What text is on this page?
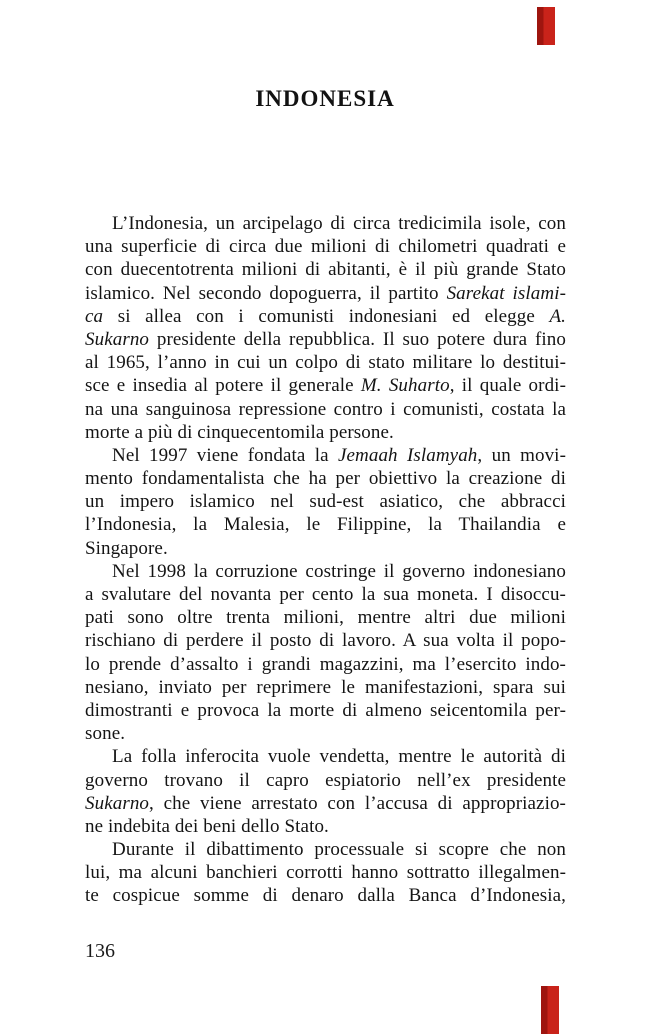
INDONESIA
L’Indonesia, un arcipelago di circa tredicimila isole, con
una superficie di circa due milioni di chilometri quadrati e
con duecentotrenta milioni di abitanti, è il più grande Stato
islamico. Nel secondo dopoguerra, il partito Sarekat islami-
ca si allea con i comunisti indonesiani ed elegge A.
Sukarno presidente della repubblica. Il suo potere dura fino
al 1965, l’anno in cui un colpo di stato militare lo destitui-
sce e insedia al potere il generale M. Suharto, il quale ordi-
na una sanguinosa repressione contro i comunisti, costata la
morte a più di cinquecentomila persone.
Nel 1997 viene fondata la Jemaah Islamyah, un movi-
mento fondamentalista che ha per obiettivo la creazione di
un impero islamico nel sud-est asiatico, che abbracci
l’Indonesia, la Malesia, le Filippine, la Thailandia e
Singapore.
Nel 1998 la corruzione costringe il governo indonesiano
a svalutare del novanta per cento la sua moneta. I disoccu-
pati sono oltre trenta milioni, mentre altri due milioni
rischiano di perdere il posto di lavoro. A sua volta il popo-
lo prende d’assalto i grandi magazzini, ma l’esercito indo-
nesiano, inviato per reprimere le manifestazioni, spara sui
dimostranti e provoca la morte di almeno seicentomila per-
sone.
La folla inferocita vuole vendetta, mentre le autorità di
governo trovano il capro espiatorio nell’ex presidente
Sukarno, che viene arrestato con l’accusa di appropriazio-
ne indebita dei beni dello Stato.
Durante il dibattimento processuale si scopre che non
lui, ma alcuni banchieri corrotti hanno sottratto illegalmen-
te cospicue somme di denaro dalla Banca d’Indonesia,
136
